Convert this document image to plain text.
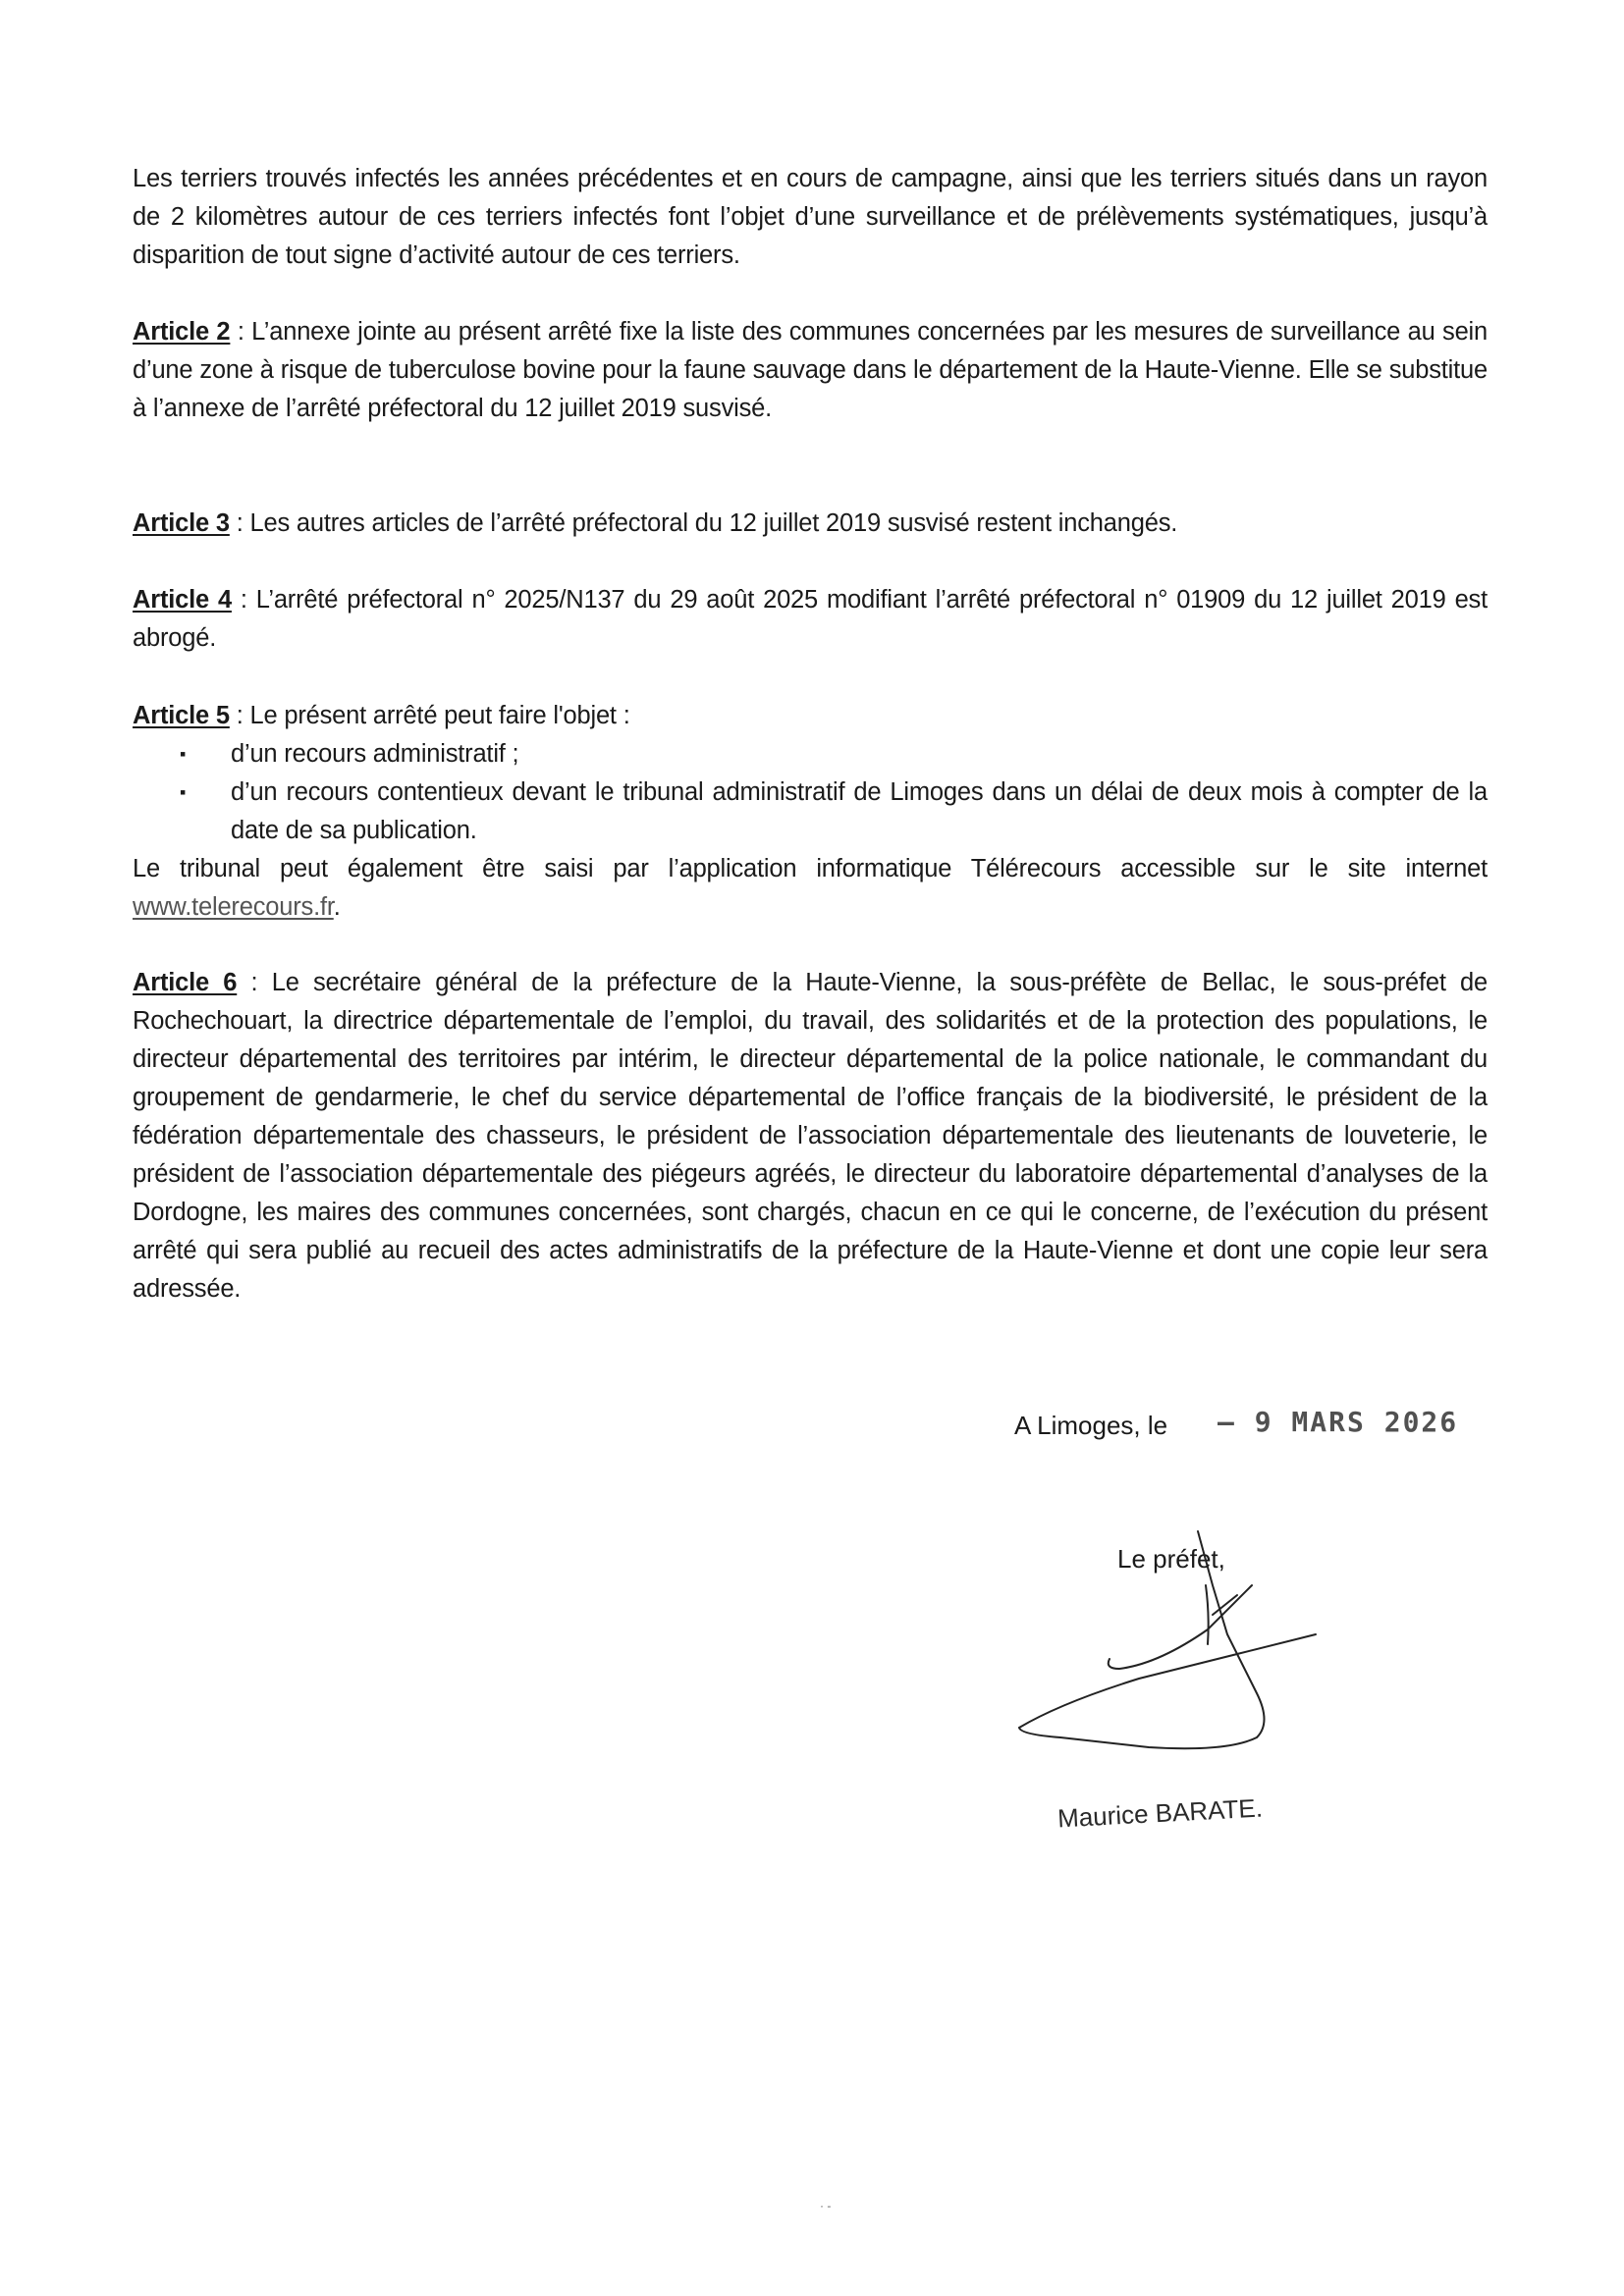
Les terriers trouvés infectés les années précédentes et en cours de campagne, ainsi que les terriers situés dans un rayon de 2 kilomètres autour de ces terriers infectés font l’objet d’une surveillance et de prélèvements systématiques, jusqu’à disparition de tout signe d’activité autour de ces terriers.

Article 2 : L’annexe jointe au présent arrêté fixe la liste des communes concernées par les mesures de surveillance au sein d’une zone à risque de tuberculose bovine pour la faune sauvage dans le département de la Haute-Vienne. Elle se substitue à l’annexe de l’arrêté préfectoral du 12 juillet 2019 susvisé.

Article 3 : Les autres articles de l’arrêté préfectoral du 12 juillet 2019 susvisé restent inchangés.

Article 4 : L’arrêté préfectoral n° 2025/N137 du 29 août 2025 modifiant l’arrêté préfectoral n° 01909 du 12 juillet 2019 est abrogé.

Article 5 : Le présent arrêté peut faire l'objet :

▪ d’un recours administratif ;
▪ d’un recours contentieux devant le tribunal administratif de Limoges dans un délai de deux mois à compter de la date de sa publication.

Le tribunal peut également être saisi par l’application informatique Télérecours accessible sur le site internet www.telerecours.fr.

Article 6 : Le secrétaire général de la préfecture de la Haute-Vienne, la sous-préfète de Bellac, le sous-préfet de Rochechouart, la directrice départementale de l’emploi, du travail, des solidarités et de la protection des populations, le directeur départemental des territoires par intérim, le directeur départemental de la police nationale, le commandant du groupement de gendarmerie, le chef du service départemental de l’office français de la biodiversité, le président de la fédération départementale des chasseurs, le président de l’association départementale des lieutenants de louveterie, le président de l’association départementale des piégeurs agréés, le directeur du laboratoire départemental d’analyses de la Dordogne, les maires des communes concernées, sont chargés, chacun en ce qui le concerne, de l’exécution du présent arrêté qui sera publié au recueil des actes administratifs de la préfecture de la Haute-Vienne et dont une copie leur sera adressée.

A Limoges, le – 9 MARS 2026
Le préfet,
Maurice BARATE.
· -
